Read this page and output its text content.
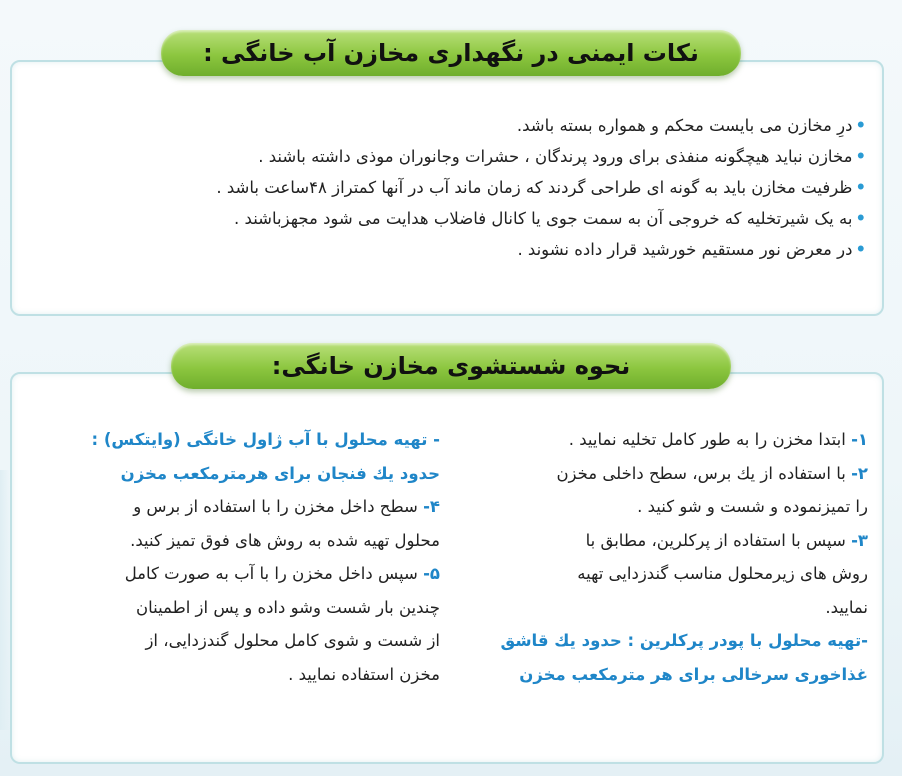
نکات ایمنی در نگهداری مخازن آب خانگی :
•درِ مخازن می بایست محکم و همواره بسته باشد.
•مخازن نباید هیچگونه منفذی برای ورود پرندگان ، حشرات وجانوران موذی داشته باشند .
•ظرفیت مخازن باید به گونه ای طراحی گردند که زمان ماند آب در آنها کمتراز ۴۸ساعت باشد .
•به یک شیرتخلیه که خروجی آن به سمت جوی یا کانال فاضلاب هدایت می شود مجهزباشند .
•در معرض نور مستقیم خورشید قرار داده نشوند .
نحوه شستشوی مخازن خانگی:

۱- ابتدا مخزن را به طور کامل تخلیه نمایید .

۲- با استفاده از یك برس، سطح داخلی مخزن

را تمیزنموده و شست و شو کنید .

۳- سپس با استفاده از پرکلرین، مطابق با

روش های زیرمحلول مناسب گندزدایی تهیه

نمایید.

-تهیه محلول با پودر پرکلرین : حدود یك قاشق

غذاخوری سرخالی برای هر مترمکعب مخزن

- تهیه محلول با آب ژاول خانگی (وایتکس) :

حدود یك فنجان برای هرمترمکعب مخزن

۴- سطح داخل مخزن را با استفاده از برس و

محلول تهیه شده به روش های فوق تمیز کنید.

۵- سپس داخل مخزن را با آب به صورت کامل

چندین بار شست وشو داده و پس از اطمینان

از شست و شوی کامل محلول گندزدایی، از

مخزن استفاده نمایید .
